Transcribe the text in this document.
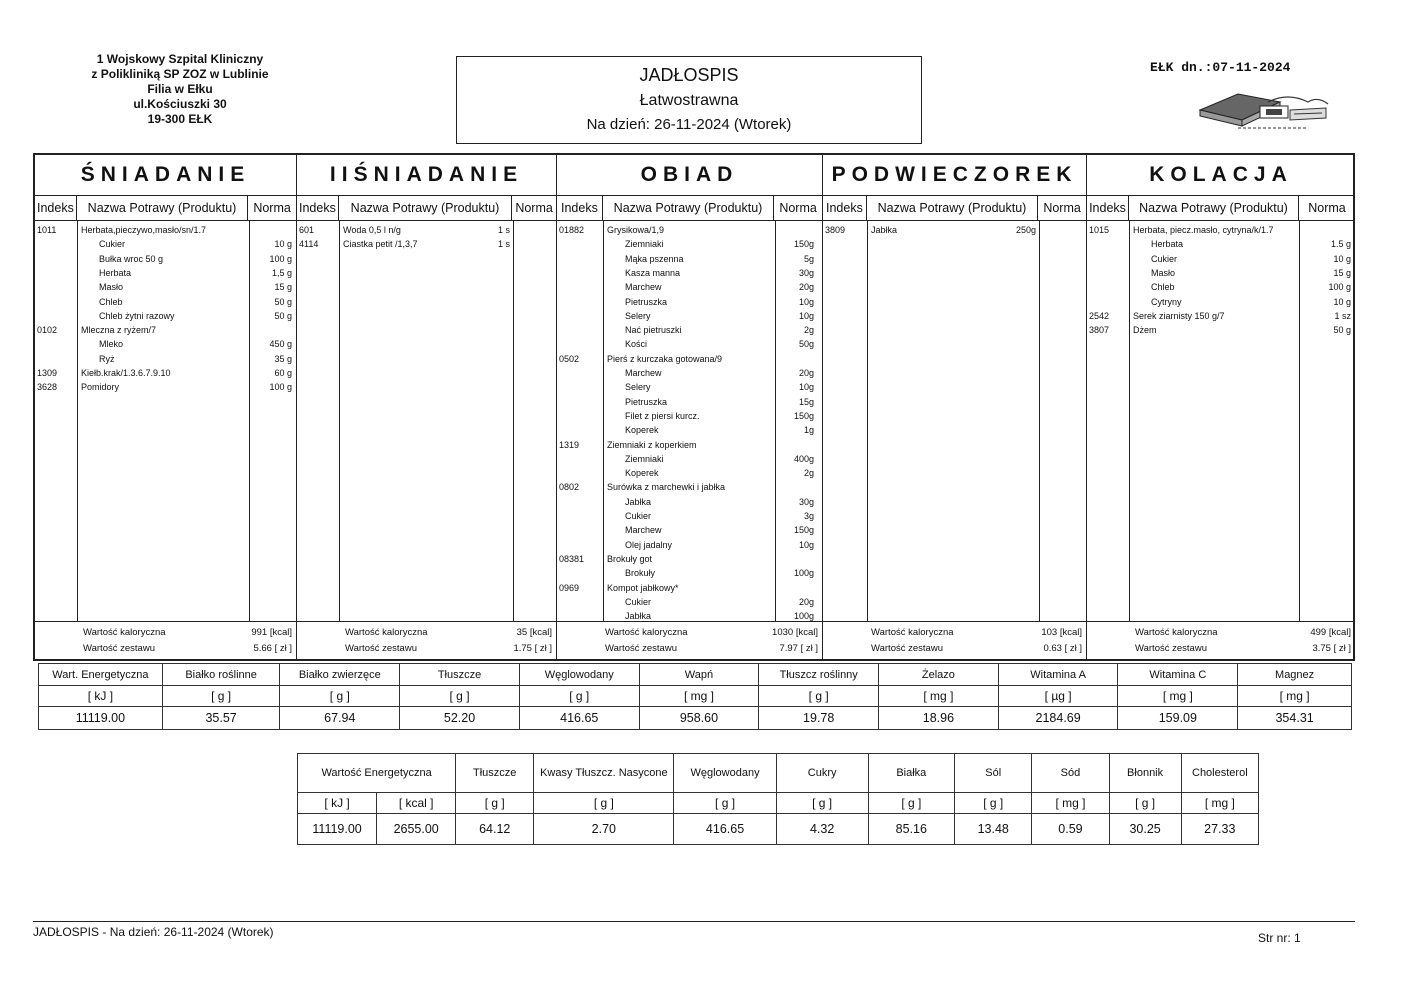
1 Wojskowy Szpital Kliniczny
z Polikliniką SP ZOZ w Lublinie
Filia w Ełku
ul.Kościuszki 30
19-300 EŁK
JADŁOSPIS
Łatwostrawna
Na dzień: 26-11-2024 (Wtorek)
EŁK dn.:07-11-2024
ŚNIADANIE
Indeks	Nazwa Potrawy (Produktu)	Norma
1011	Herbata,pieczywo,masło/sn/1.7
Cukier	10 g
Bułka wroc 50 g	100 g
Herbata	1,5 g
Masło	15 g
Chleb	50 g
Chleb żytni razowy	50 g
0102	Mleczna z ryżem/7
Mleko	450 g
Ryż	35 g
1309	Kiełb.krak/1.3.6.7.9.10	60 g
3628	Pomidory	100 g
Wartość kaloryczna	991 [kcal]
Wartość zestawu	5.66 [ zł ]
IIŚNIADANIE
Indeks	Nazwa Potrawy (Produktu)	Norma
601	Woda 0,5 l n/g	1 s
4114	Ciastka petit /1,3,7	1 s
Wartość kaloryczna	35 [kcal]
Wartość zestawu	1.75 [ zł ]
OBIAD
Indeks	Nazwa Potrawy (Produktu)	Norma
01882	Grysikowa/1,9
Ziemniaki	150g
Mąka pszenna	5g
Kasza manna	30g
Marchew	20g
Pietruszka	10g
Selery	10g
Nać pietruszki	2g
Kości	50g
0502	Pierś z kurczaka gotowana/9
Marchew	20g
Selery	10g
Pietruszka	15g
Filet z piersi kurcz.	150g
Koperek	1g
1319	Ziemniaki z koperkiem
Ziemniaki	400g
Koperek	2g
0802	Surówka z marchewki i jabłka
Jabłka	30g
Cukier	3g
Marchew	150g
Olej jadalny	10g
08381	Brokuły got
Brokuły	100g
0969	Kompot jabłkowy*
Cukier	20g
Jabłka	100g
Wartość kaloryczna	1030 [kcal]
Wartość zestawu	7.97 [ zł ]
PODWIECZOREK
Indeks	Nazwa Potrawy (Produktu)	Norma
3809	Jabłka	250g
Wartość kaloryczna	103 [kcal]
Wartość zestawu	0.63 [ zł ]
KOLACJA
Indeks	Nazwa Potrawy (Produktu)	Norma
1015	Herbata, piecz.masło, cytryna/k/1.7
Herbata	1.5 g
Cukier	10 g
Masło	15 g
Chleb	100 g
Cytryny	10 g
2542	Serek ziarnisty 150 g/7	1 sz
3807	Dżem	50 g
Wartość kaloryczna	499 [kcal]
Wartość zestawu	3.75 [ zł ]
Wart. Energetyczna	Białko roślinne	Białko zwierzęce	Tłuszcze	Węglowodany	Wapń	Tłuszcz roślinny	Żelazo	Witamina A	Witamina C	Magnez
[ kJ ]	[ g ]	[ g ]	[ g ]	[ g ]	[ mg ]	[ g ]	[ mg ]	[ µg ]	[ mg ]	[ mg ]
11119.00	35.57	67.94	52.20	416.65	958.60	19.78	18.96	2184.69	159.09	354.31
Wartość Energetyczna		Tłuszcze	Kwasy Tłuszcz. Nasycone	Węglowodany	Cukry	Białka	Sól	Sód	Błonnik	Cholesterol
[ kJ ]	[ kcal ]	[ g ]	[ g ]	[ g ]	[ g ]	[ g ]	[ g ]	[ mg ]	[ g ]	[ mg ]
11119.00	2655.00	64.12	2.70	416.65	4.32	85.16	13.48	0.59	30.25	27.33
JADŁOSPIS - Na dzień: 26-11-2024 (Wtorek)	Str nr: 1
